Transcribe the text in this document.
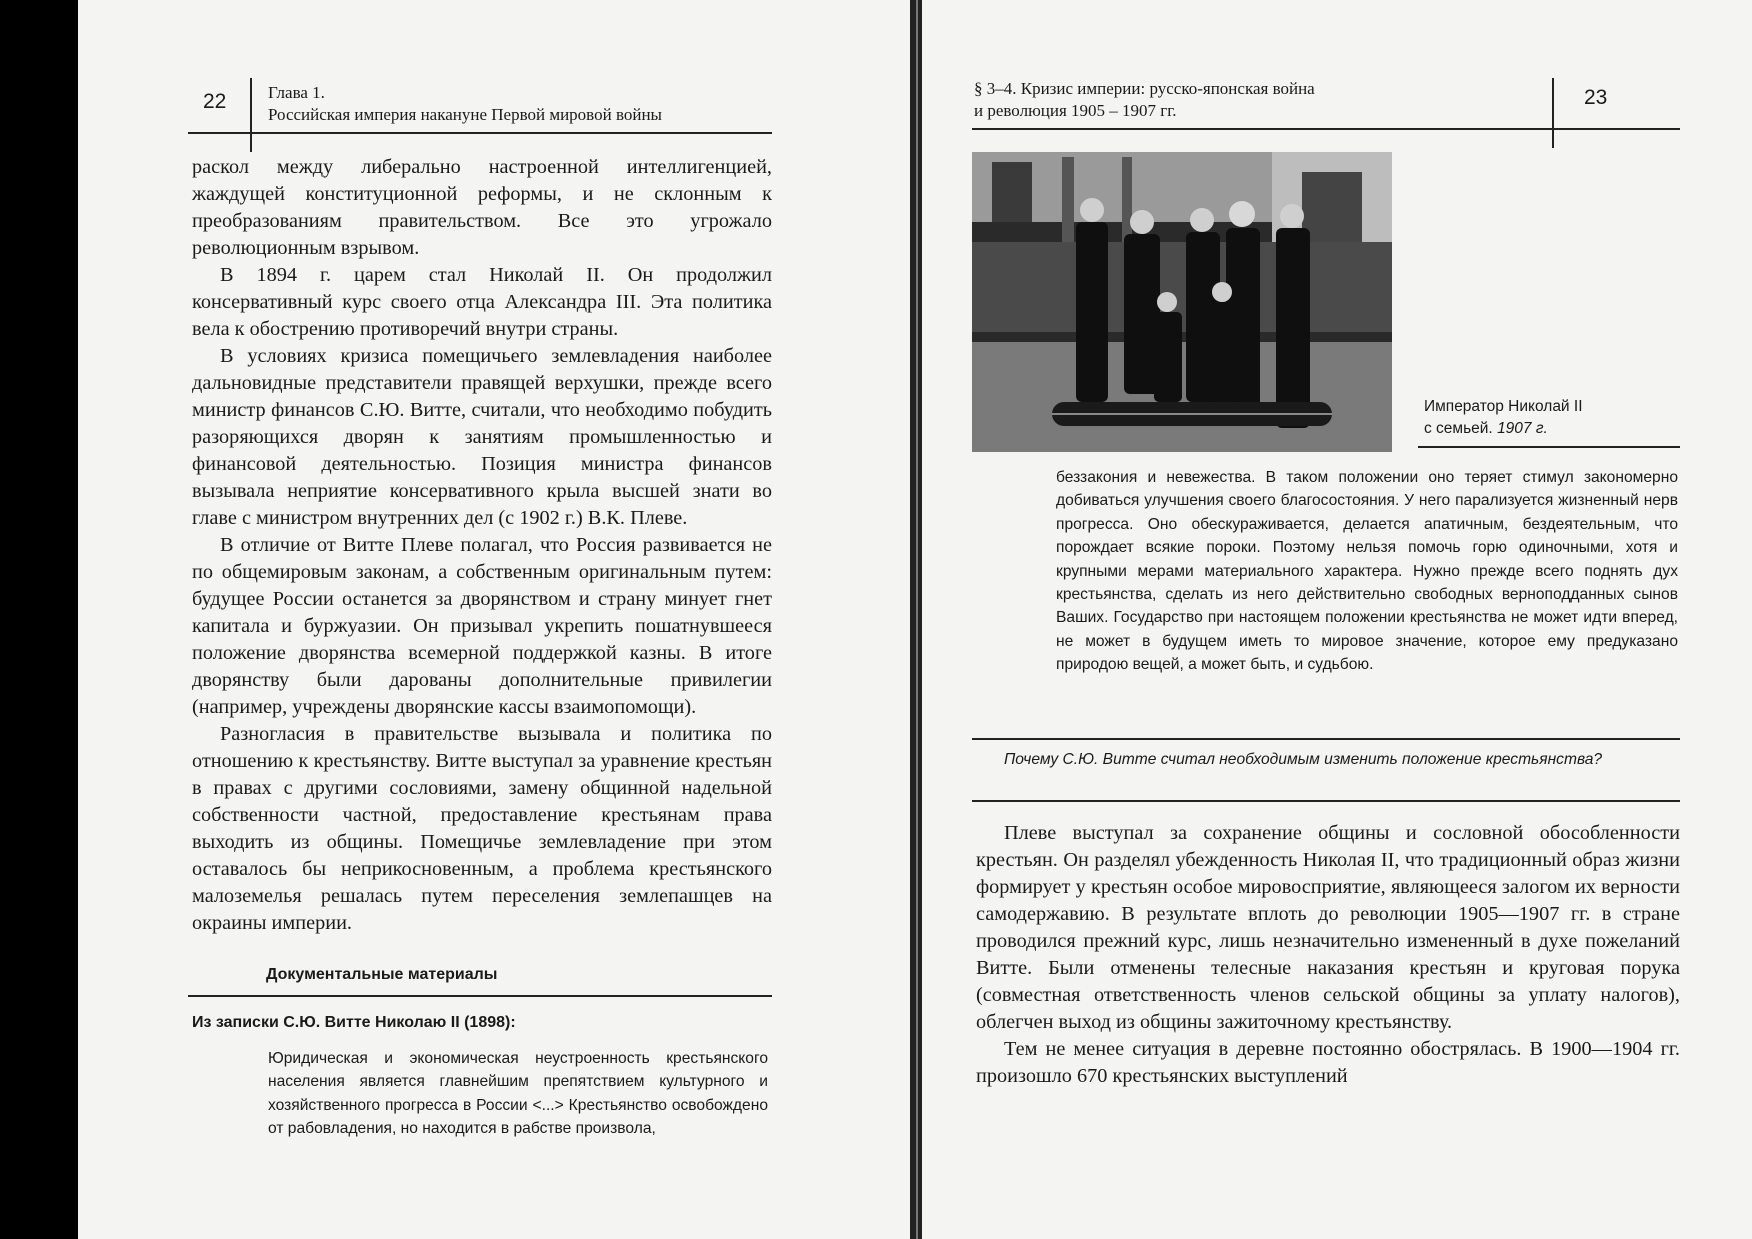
22 Глава 1.
Российская империя накануне Первой мировой войны

раскол между либерально настроенной интеллигенцией, жаждущей конституционной реформы, и не склонным к преобразованиям правительством. Все это угрожало революционным взрывом.

В 1894 г. царем стал Николай II. Он продолжил консервативный курс своего отца Александра III. Эта политика вела к обострению противоречий внутри страны.

В условиях кризиса помещичьего землевладения наиболее дальновидные представители правящей верхушки, прежде всего министр финансов С.Ю. Витте, считали, что необходимо побудить разоряющихся дворян к занятиям промышленностью и финансовой деятельностью. Позиция министра финансов вызывала неприятие консервативного крыла высшей знати во главе с министром внутренних дел (с 1902 г.) В.К. Плеве.

В отличие от Витте Плеве полагал, что Россия развивается не по общемировым законам, а собственным оригинальным путем: будущее России останется за дворянством и страну минует гнет капитала и буржуазии. Он призывал укрепить пошатнувшееся положение дворянства всемерной поддержкой казны. В итоге дворянству были дарованы дополнительные привилегии (например, учреждены дворянские кассы взаимопомощи).

Разногласия в правительстве вызывала и политика по отношению к крестьянству. Витте выступал за уравнение крестьян в правах с другими сословиями, замену общинной надельной собственности частной, предоставление крестьянам права выходить из общины. Помещичье землевладение при этом оставалось бы неприкосновенным, а проблема крестьянского малоземелья решалась путем переселения землепашцев на окраины империи.

Документальные материалы
Из записки С.Ю. Витте Николаю II (1898):

Юридическая и экономическая неустроенность крестьянского населения является главнейшим препятствием культурного и хозяйственного прогресса в России <...> Крестьянство освобождено от рабовладения, но находится в рабстве произвола,

§ 3–4. Кризис империи: русско-японская война
и революция 1905 – 1907 гг.
23
Император Николай II
с семьей. 1907 г.

беззакония и невежества. В таком положении оно теряет стимул закономерно добиваться улучшения своего благосостояния. У него парализуется жизненный нерв прогресса. Оно обескураживается, делается апатичным, бездеятельным, что порождает всякие пороки. Поэтому нельзя помочь горю одиночными, хотя и крупными мерами материального характера. Нужно прежде всего поднять дух крестьянства, сделать из него действительно свободных верноподданных сынов Ваших. Государство при настоящем положении крестьянства не может идти вперед, не может в будущем иметь то мировое значение, которое ему предуказано природою вещей, а может быть, и судьбою.

Почему С.Ю. Витте считал необходимым изменить положение крестьянства?

Плеве выступал за сохранение общины и сословной обособленности крестьян. Он разделял убежденность Николая II, что традиционный образ жизни формирует у крестьян особое мировосприятие, являющееся залогом их верности самодержавию. В результате вплоть до революции 1905—1907 гг. в стране проводился прежний курс, лишь незначительно измененный в духе пожеланий Витте. Были отменены телесные наказания крестьян и круговая порука (совместная ответственность членов сельской общины за уплату налогов), облегчен выход из общины зажиточному крестьянству.

Тем не менее ситуация в деревне постоянно обострялась. В 1900—1904 гг. произошло 670 крестьянских выступлений
